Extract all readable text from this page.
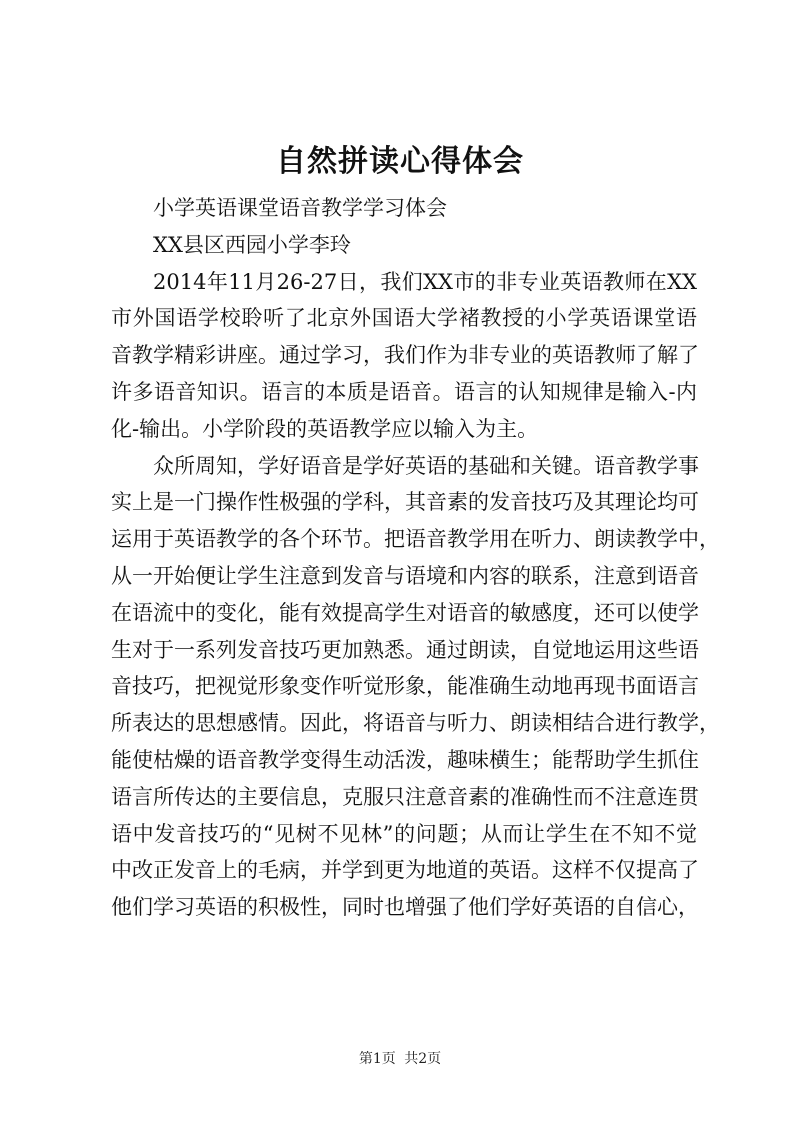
自然拼读心得体会
小学英语课堂语音教学学习体会
XX县区西园小学李玲
2014年11月26-27日，我们XX市的非专业英语教师在XX
市外国语学校聆听了北京外国语大学褚教授的小学英语课堂语
音教学精彩讲座。通过学习，我们作为非专业的英语教师了解了
许多语音知识。语言的本质是语音。语言的认知规律是输入-内
化-输出。小学阶段的英语教学应以输入为主。
众所周知，学好语音是学好英语的基础和关键。语音教学事
实上是一门操作性极强的学科，其音素的发音技巧及其理论均可
运用于英语教学的各个环节。把语音教学用在听力、朗读教学中，
从一开始便让学生注意到发音与语境和内容的联系，注意到语音
在语流中的变化，能有效提高学生对语音的敏感度，还可以使学
生对于一系列发音技巧更加熟悉。通过朗读，自觉地运用这些语
音技巧，把视觉形象变作听觉形象，能准确生动地再现书面语言
所表达的思想感情。因此，将语音与听力、朗读相结合进行教学，
能使枯燥的语音教学变得生动活泼，趣味横生；能帮助学生抓住
语言所传达的主要信息，克服只注意音素的准确性而不注意连贯
语中发音技巧的“见树不见林”的问题；从而让学生在不知不觉
中改正发音上的毛病，并学到更为地道的英语。这样不仅提高了
他们学习英语的积极性，同时也增强了他们学好英语的自信心，
第1页 共2页
